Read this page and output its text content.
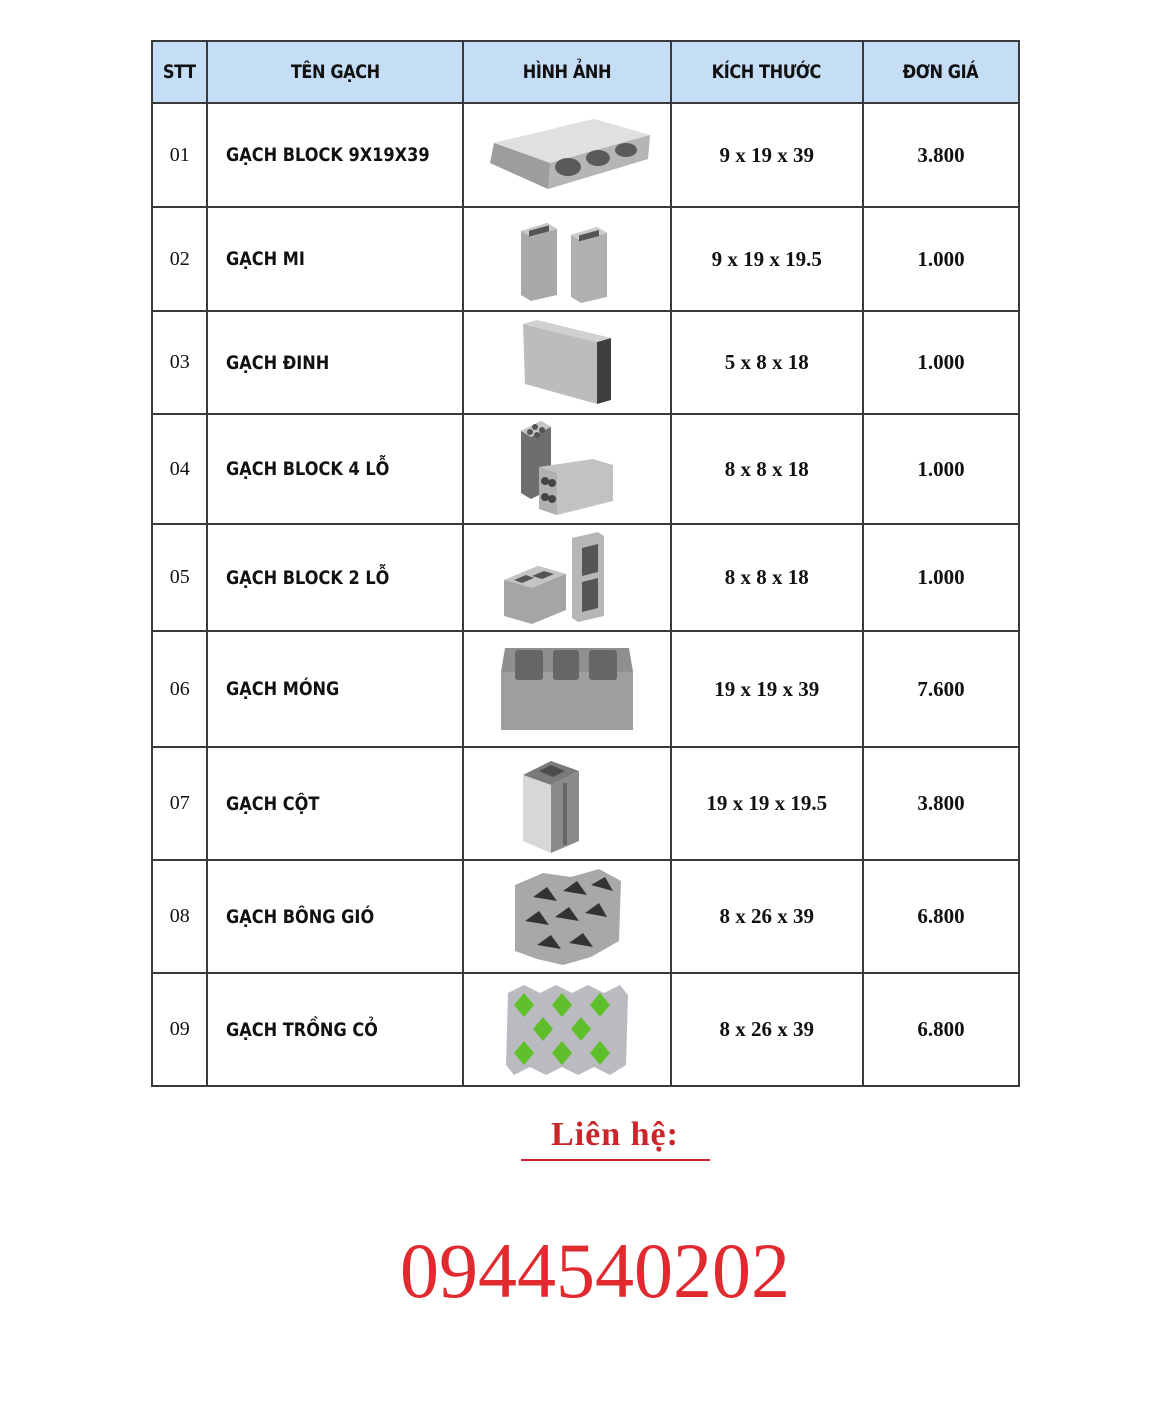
STT	TÊN GẠCH	HÌNH ẢNH	KÍCH THƯỚC	ĐƠN GIÁ
01	GẠCH BLOCK 9X19X39		9 x 19 x 39	3.800
02	GẠCH MI		9 x 19 x 19.5	1.000
03	GẠCH ĐINH		5 x 8 x 18	1.000
04	GẠCH BLOCK 4 LỖ		8 x 8 x 18	1.000
05	GẠCH BLOCK 2 LỖ		8 x 8 x 18	1.000
06	GẠCH MÓNG		19 x 19 x 39	7.600
07	GẠCH CỘT		19 x 19 x 19.5	3.800
08	GẠCH BÔNG GIÓ		8 x 26 x 39	6.800
09	GẠCH TRỒNG CỎ		8 x 26 x 39	6.800
Liên hệ:
0944540202
